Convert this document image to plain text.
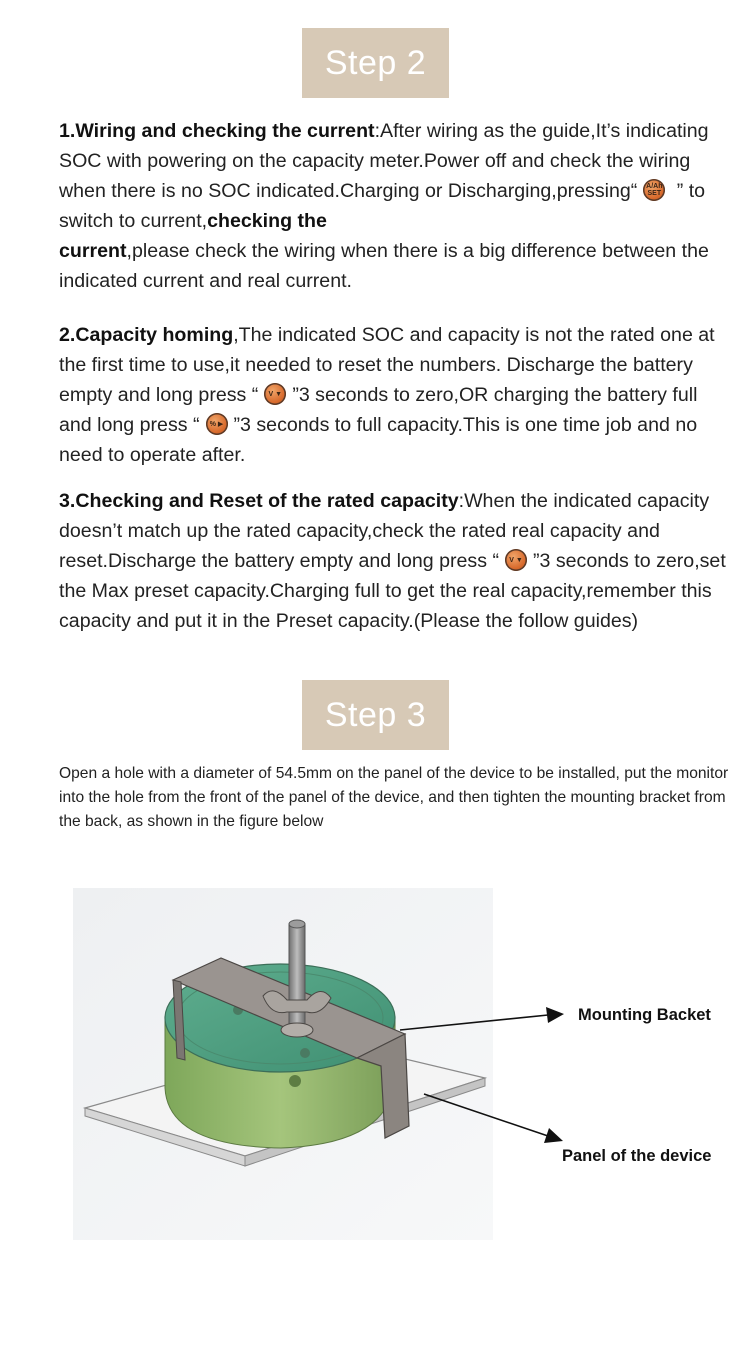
Step 2
1.Wiring and checking the current:After wiring as the guide,It’s indicating SOC with powering on the capacity meter.Power off and check the wiring when there is no SOC indicated.Charging or Discharging,pressing“	A/Ah SET ” to switch to current,checking the
current,please check the wiring when there is a big difference between the indicated current and real current.
2.Capacity homing,The indicated SOC and capacity is not the rated one at the first time to use,it needed to reset the numbers. Discharge the battery empty and long press “	V ▼ ”3 seconds to zero,OR charging the battery full and long press “	% ▶ ”3 seconds to full capacity.This is one time job and no need to operate after.
3.Checking and Reset of the rated capacity:When the indicated capacity doesn’t match up the rated capacity,check the rated real capacity and reset.Discharge the battery empty and long press “	V ▼ ”3 seconds to zero,set the Max preset capacity.Charging full to get the real capacity,remember this capacity and put it in the Preset capacity.(Please the follow guides)
Step 3
Open a hole with a diameter of 54.5mm on the panel of the device to be installed, put the monitor into the hole from the front of the panel of the device, and then tighten the mounting bracket from the back, as shown in the figure below
Mounting Backet
Panel of the device
